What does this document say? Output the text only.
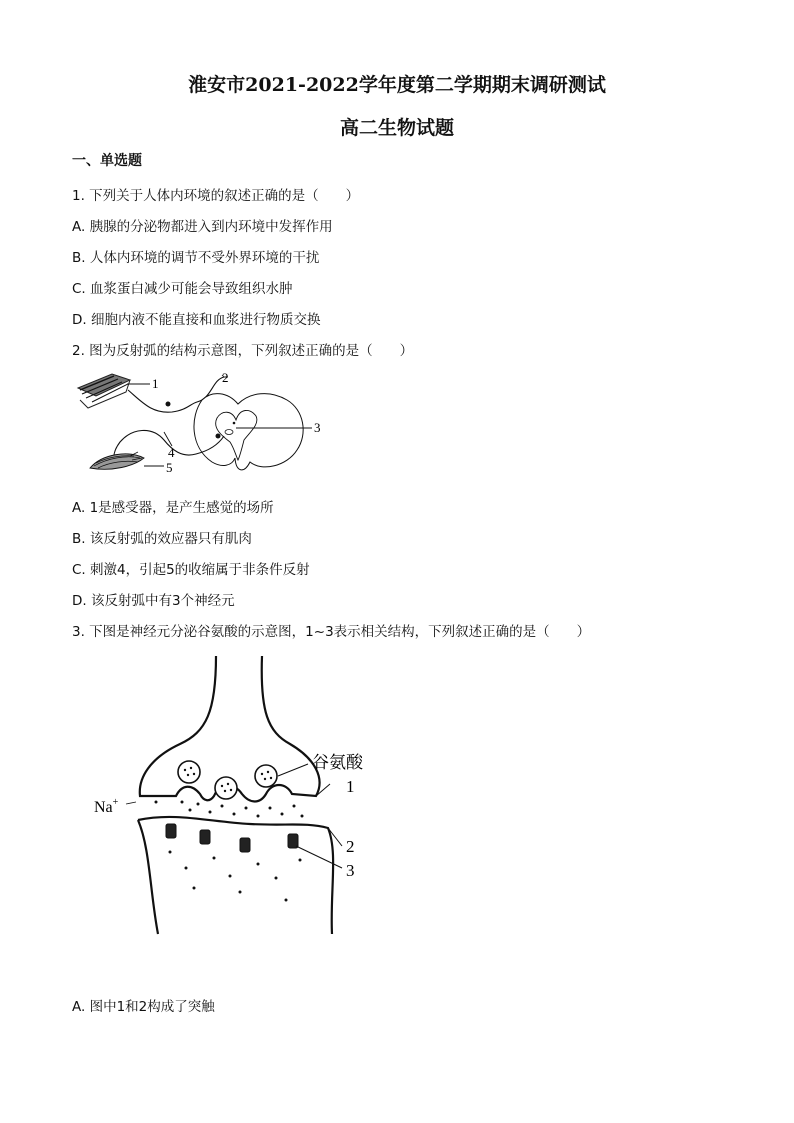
淮安市2021-2022学年度第二学期期末调研测试
高二生物试题
一、单选题
1. 下列关于人体内环境的叙述正确的是（　　）
A. 胰腺的分泌物都进入到内环境中发挥作用
B. 人体内环境的调节不受外界环境的干扰
C. 血浆蛋白减少可能会导致组织水肿
D. 细胞内液不能直接和血浆进行物质交换
2. 图为反射弧的结构示意图，下列叙述正确的是（　　）
1	2
3
4
5
A. 1是感受器，是产生感觉的场所
B. 该反射弧的效应器只有肌肉
C. 刺激4，引起5的收缩属于非条件反射
D. 该反射弧中有3个神经元
3. 下图是神经元分泌谷氨酸的示意图，1~3表示相关结构，下列叙述正确的是（　　）
谷氨酸
1
2
3
Na+
A. 图中1和2构成了突触
